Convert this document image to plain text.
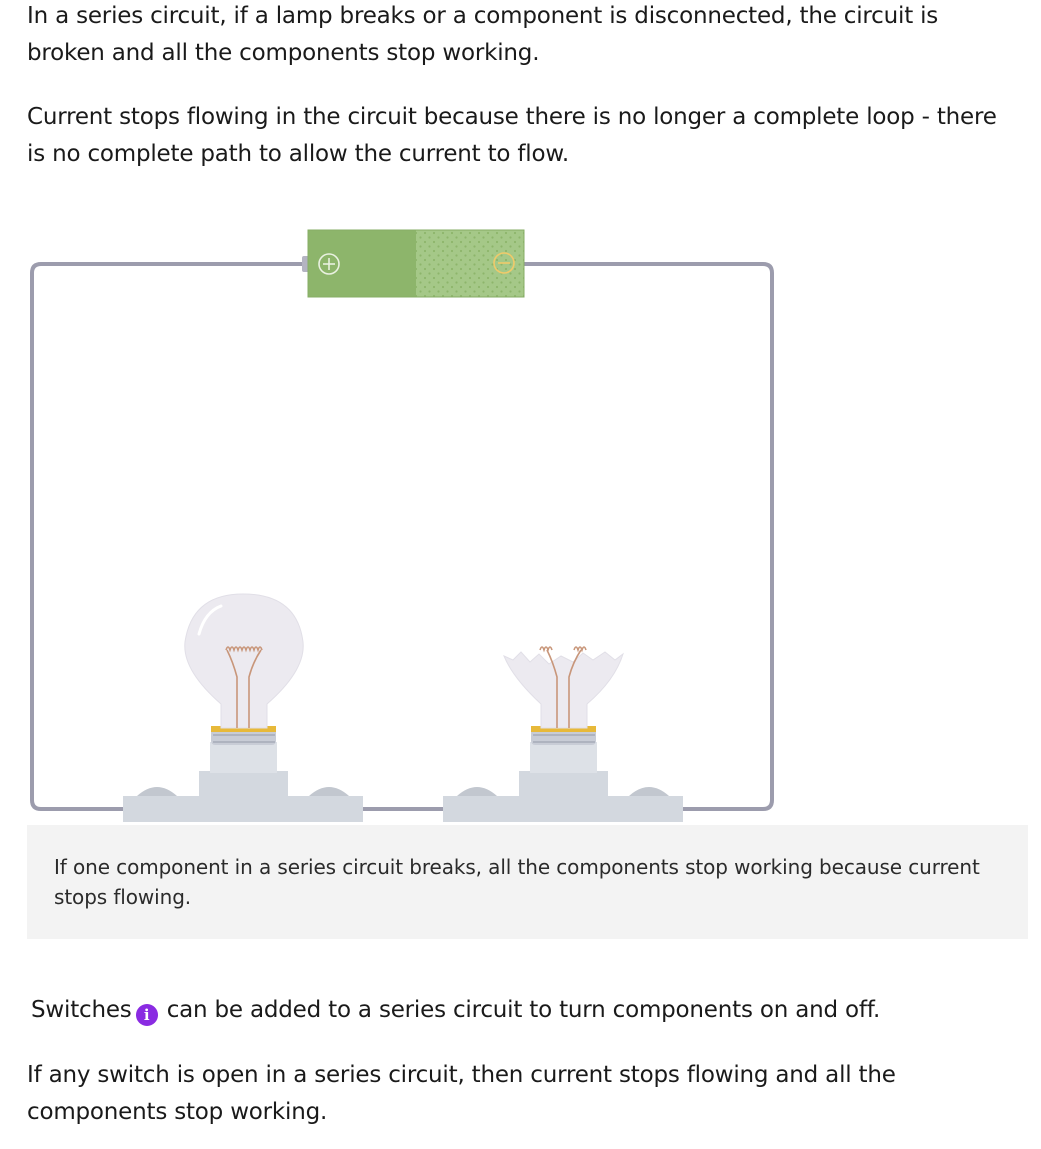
In a series circuit, if a lamp breaks or a component is disconnected, the circuit is broken and all the components stop working.

Current stops flowing in the circuit because there is no longer a complete loop - there is no complete path to allow the current to flow.

If one component in a series circuit breaks, all the components stop working because current stops flowing.

Switches i can be added to a series circuit to turn components on and off.

If any switch is open in a series circuit, then current stops flowing and all the components stop working.
